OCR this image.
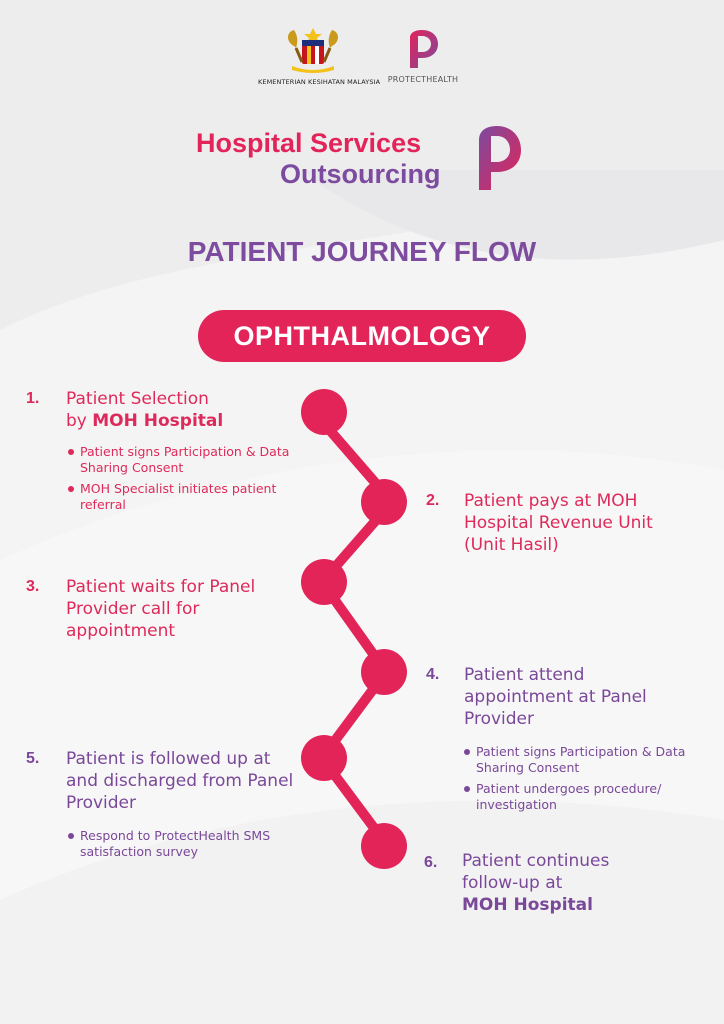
KEMENTERIAN KESIHATAN MALAYSIA PROTECTHEALTH
Hospital Services
Outsourcing
PATIENT JOURNEY FLOW
OPHTHALMOLOGY
1. Patient Selection
by MOH Hospital
Patient signs Participation & Data Sharing Consent
MOH Specialist initiates patient referral	2. Patient pays at MOH Hospital Revenue Unit (Unit Hasil)
3. Patient waits for Panel Provider call for appointment
4. Patient attend appointment at Panel Provider
Patient signs Participation & Data Sharing Consent
Patient undergoes procedure/ investigation
5. Patient is followed up at and discharged from Panel Provider
Respond to ProtectHealth SMS satisfaction survey
6. Patient continues
follow-up at
MOH Hospital
